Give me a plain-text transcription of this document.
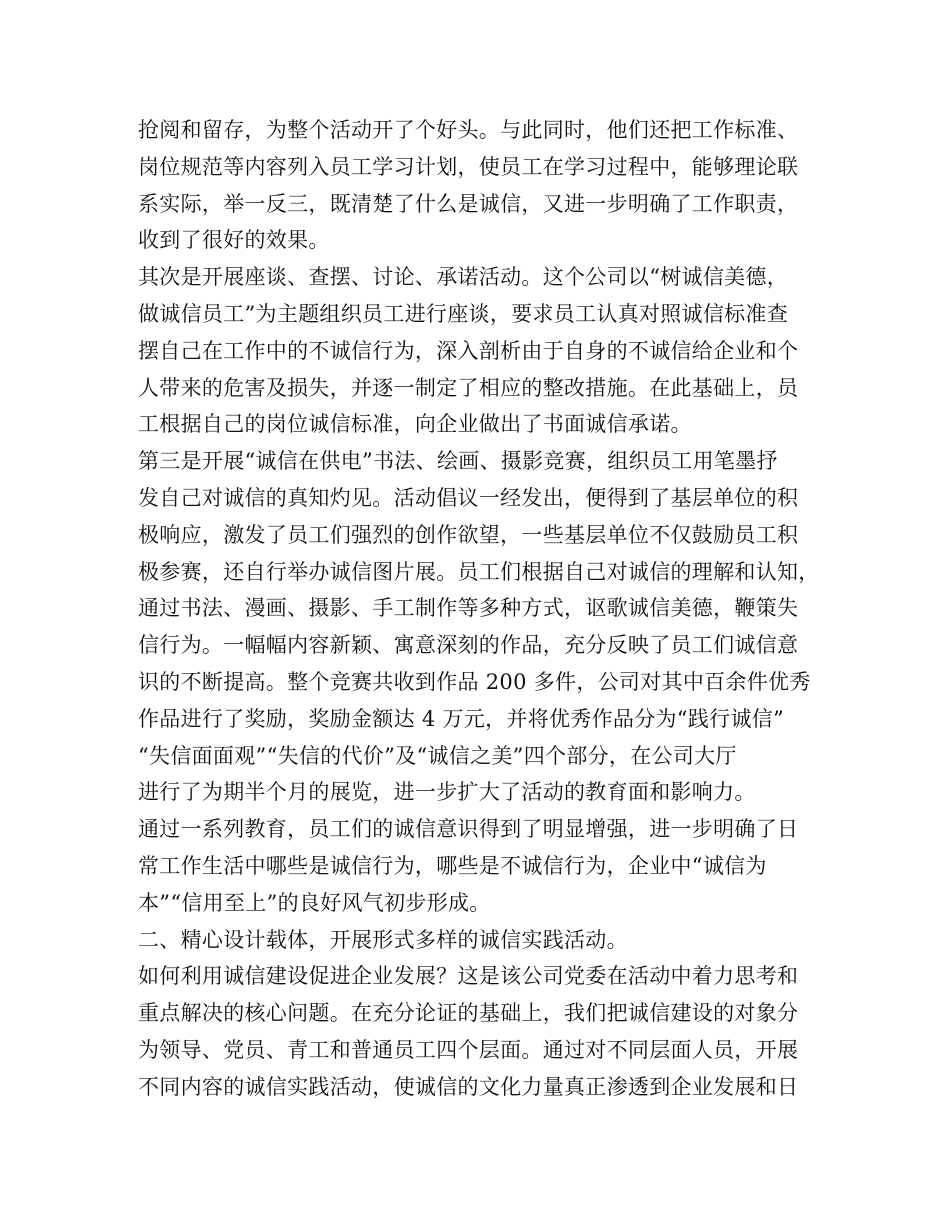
抢阅和留存，为整个活动开了个好头。与此同时，他们还把工作标准、
岗位规范等内容列入员工学习计划，使员工在学习过程中，能够理论联
系实际，举一反三，既清楚了什么是诚信，又进一步明确了工作职责，
收到了很好的效果。
其次是开展座谈、查摆、讨论、承诺活动。这个公司以“树诚信美德，
做诚信员工”为主题组织员工进行座谈，要求员工认真对照诚信标准查
摆自己在工作中的不诚信行为，深入剖析由于自身的不诚信给企业和个
人带来的危害及损失，并逐一制定了相应的整改措施。在此基础上，员
工根据自己的岗位诚信标准，向企业做出了书面诚信承诺。
第三是开展“诚信在供电”书法、绘画、摄影竞赛，组织员工用笔墨抒
发自己对诚信的真知灼见。活动倡议一经发出，便得到了基层单位的积
极响应，激发了员工们强烈的创作欲望，一些基层单位不仅鼓励员工积
极参赛，还自行举办诚信图片展。员工们根据自己对诚信的理解和认知，
通过书法、漫画、摄影、手工制作等多种方式，讴歌诚信美德，鞭策失
信行为。一幅幅内容新颖、寓意深刻的作品，充分反映了员工们诚信意
识的不断提高。整个竞赛共收到作品 200 多件，公司对其中百余件优秀
作品进行了奖励，奖励金额达 4 万元，并将优秀作品分为“践行诚信”
“失信面面观”“失信的代价”及“诚信之美”四个部分，在公司大厅
进行了为期半个月的展览，进一步扩大了活动的教育面和影响力。
通过一系列教育，员工们的诚信意识得到了明显增强，进一步明确了日
常工作生活中哪些是诚信行为，哪些是不诚信行为，企业中“诚信为
本”“信用至上”的良好风气初步形成。
二、精心设计载体，开展形式多样的诚信实践活动。
如何利用诚信建设促进企业发展？这是该公司党委在活动中着力思考和
重点解决的核心问题。在充分论证的基础上，我们把诚信建设的对象分
为领导、党员、青工和普通员工四个层面。通过对不同层面人员，开展
不同内容的诚信实践活动，使诚信的文化力量真正渗透到企业发展和日
